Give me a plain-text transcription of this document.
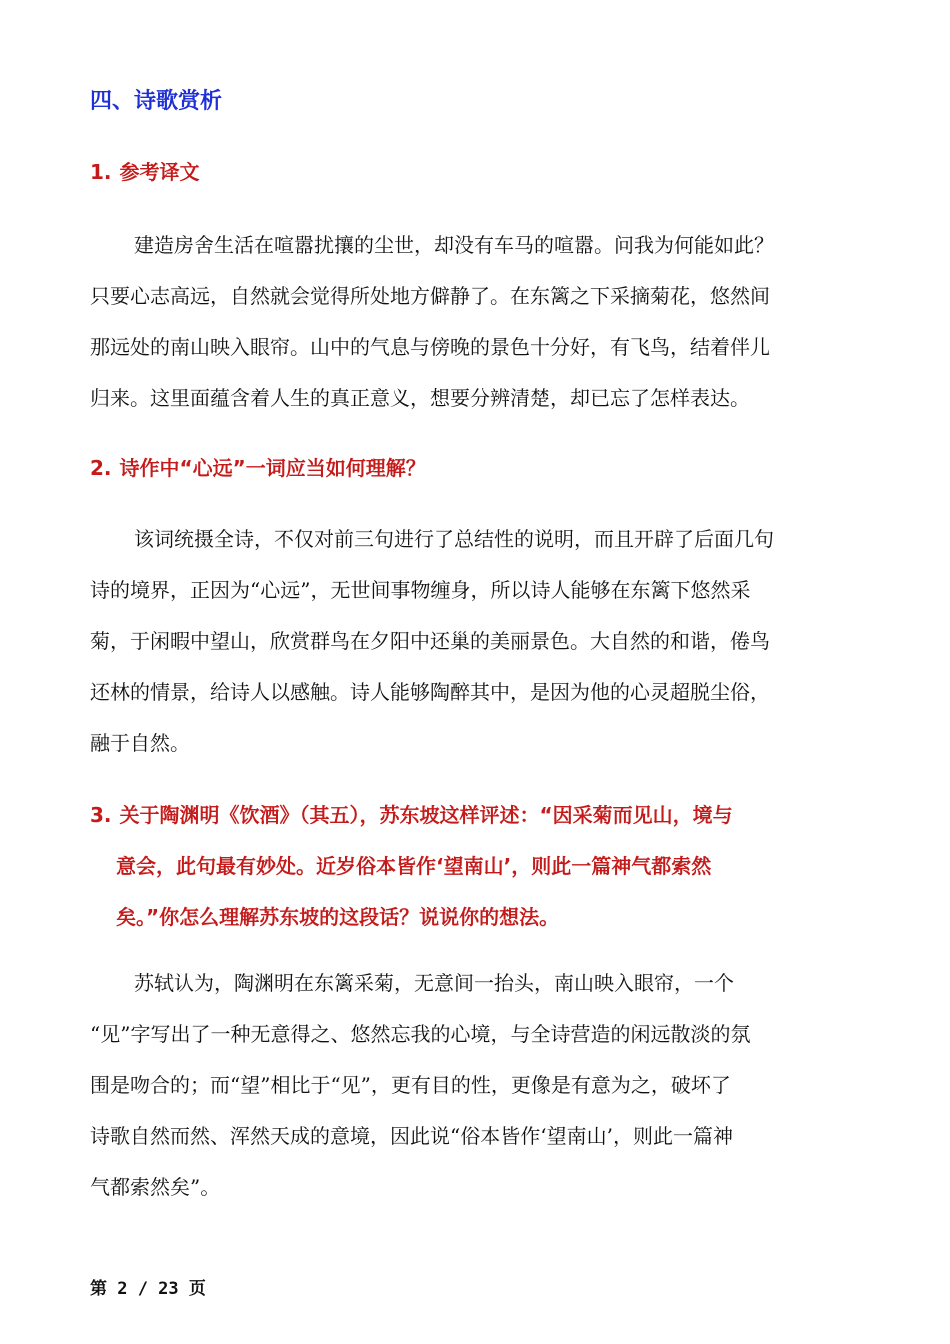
四、诗歌赏析
1. 参考译文

建造房舍生活在喧嚣扰攘的尘世，却没有车马的喧嚣。问我为何能如此？
只要心志高远，自然就会觉得所处地方僻静了。在东篱之下采摘菊花，悠然间
那远处的南山映入眼帘。山中的气息与傍晚的景色十分好，有飞鸟，结着伴儿
归来。这里面蕴含着人生的真正意义，想要分辨清楚，却已忘了怎样表达。

2. 诗作中“心远”一词应当如何理解？

该词统摄全诗，不仅对前三句进行了总结性的说明，而且开辟了后面几句
诗的境界，正因为“心远”，无世间事物缠身，所以诗人能够在东篱下悠然采
菊，于闲暇中望山，欣赏群鸟在夕阳中还巢的美丽景色。大自然的和谐，倦鸟
还林的情景，给诗人以感触。诗人能够陶醉其中，是因为他的心灵超脱尘俗，
融于自然。

3. 关于陶渊明《饮酒》（其五），苏东坡这样评述：“因采菊而见山，境与
意会，此句最有妙处。近岁俗本皆作‘望南山’，则此一篇神气都索然
矣。”你怎么理解苏东坡的这段话？说说你的想法。

苏轼认为，陶渊明在东篱采菊，无意间一抬头，南山映入眼帘，一个
“见”字写出了一种无意得之、悠然忘我的心境，与全诗营造的闲远散淡的氛
围是吻合的；而“望”相比于“见”，更有目的性，更像是有意为之，破坏了
诗歌自然而然、浑然天成的意境，因此说“俗本皆作‘望南山’，则此一篇神
气都索然矣”。

第 2 / 23 页
